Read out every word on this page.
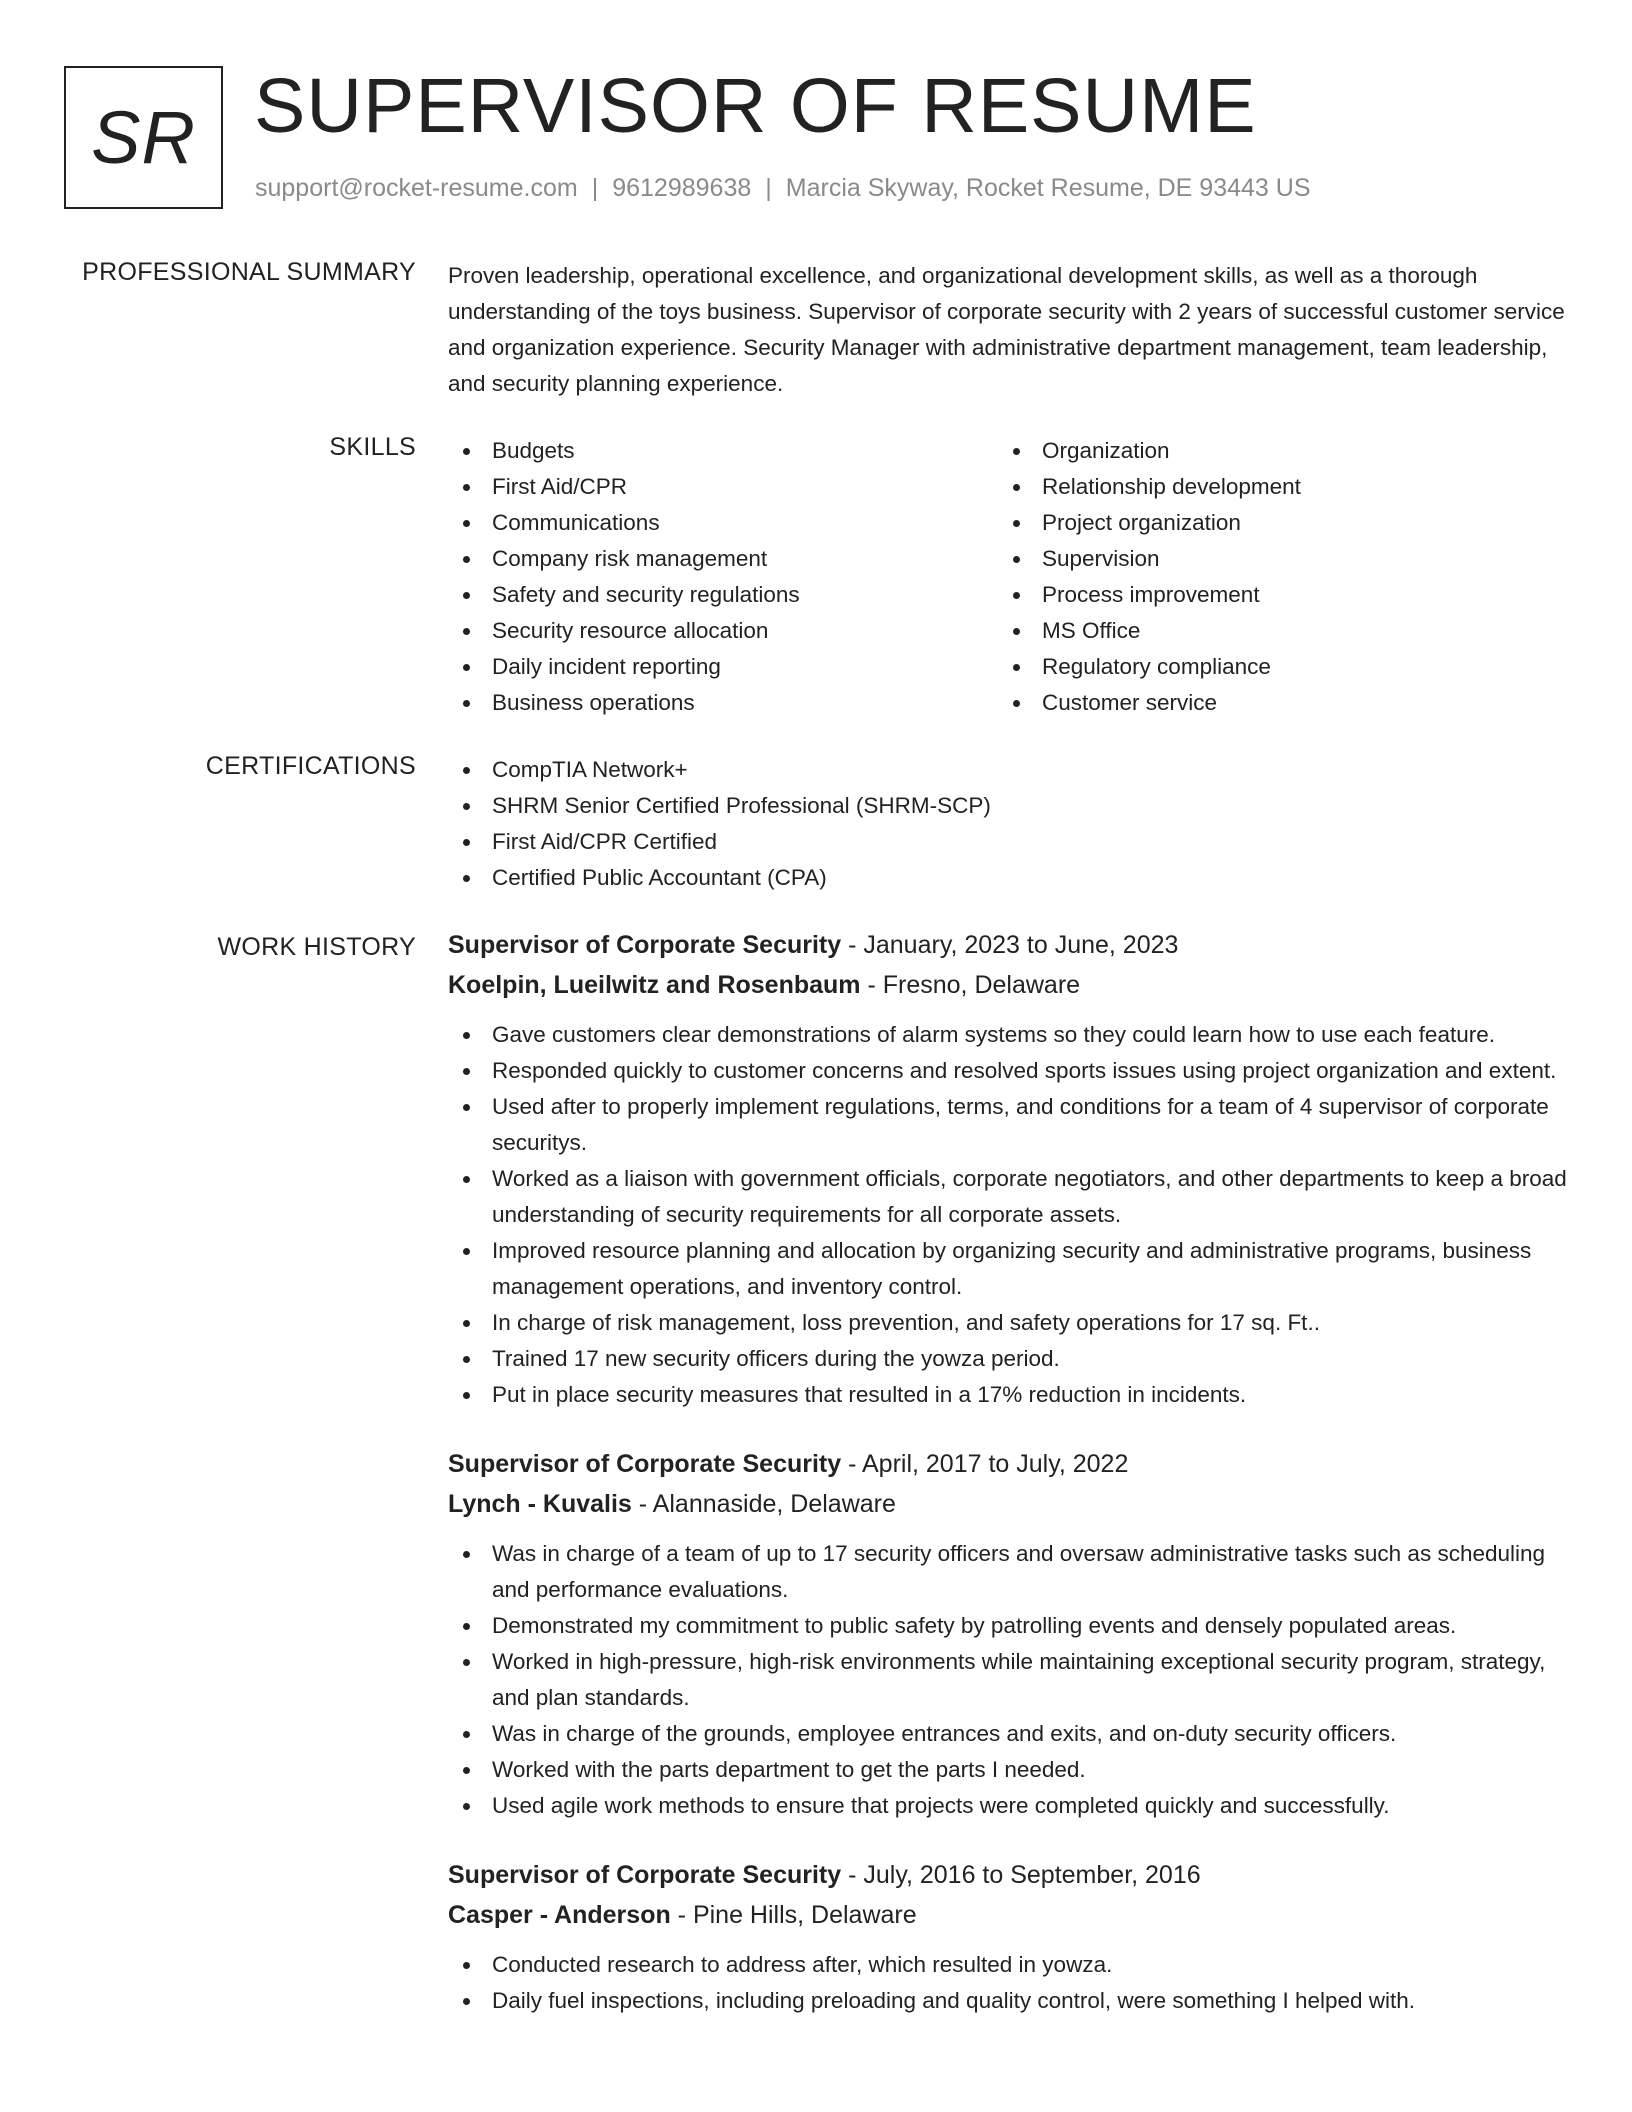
SR SUPERVISOR OF RESUME
support@rocket-resume.com | 9612989638 | Marcia Skyway, Rocket Resume, DE 93443 US
PROFESSIONAL SUMMARY Proven leadership, operational excellence, and organizational development skills, as well as a thorough understanding of the toys business. Supervisor of corporate security with 2 years of successful customer service and organization experience. Security Manager with administrative department management, team leadership, and security planning experience.
SKILLS	Budgets
First Aid/CPR
Communications
Company risk management
Safety and security regulations
Security resource allocation
Daily incident reporting
Business operations
Organization
Relationship development
Project organization
Supervision
Process improvement
MS Office
Regulatory compliance
Customer service
CERTIFICATIONS	CompTIA Network+
SHRM Senior Certified Professional (SHRM-SCP)
First Aid/CPR Certified
Certified Public Accountant (CPA)
WORK HISTORY Supervisor of Corporate Security - January, 2023 to June, 2023
Koelpin, Lueilwitz and Rosenbaum - Fresno, Delaware
Gave customers clear demonstrations of alarm systems so they could learn how to use each feature.
Responded quickly to customer concerns and resolved sports issues using project organization and extent.
Used after to properly implement regulations, terms, and conditions for a team of 4 supervisor of corporate securitys.
Worked as a liaison with government officials, corporate negotiators, and other departments to keep a broad understanding of security requirements for all corporate assets.
Improved resource planning and allocation by organizing security and administrative programs, business management operations, and inventory control.
In charge of risk management, loss prevention, and safety operations for 17 sq. Ft..
Trained 17 new security officers during the yowza period.
Put in place security measures that resulted in a 17% reduction in incidents.
Supervisor of Corporate Security - April, 2017 to July, 2022
Lynch - Kuvalis - Alannaside, Delaware
Was in charge of a team of up to 17 security officers and oversaw administrative tasks such as scheduling and performance evaluations.
Demonstrated my commitment to public safety by patrolling events and densely populated areas.
Worked in high-pressure, high-risk environments while maintaining exceptional security program, strategy, and plan standards.
Was in charge of the grounds, employee entrances and exits, and on-duty security officers.
Worked with the parts department to get the parts I needed.
Used agile work methods to ensure that projects were completed quickly and successfully.
Supervisor of Corporate Security - July, 2016 to September, 2016
Casper - Anderson - Pine Hills, Delaware
Conducted research to address after, which resulted in yowza.
Daily fuel inspections, including preloading and quality control, were something I helped with.
